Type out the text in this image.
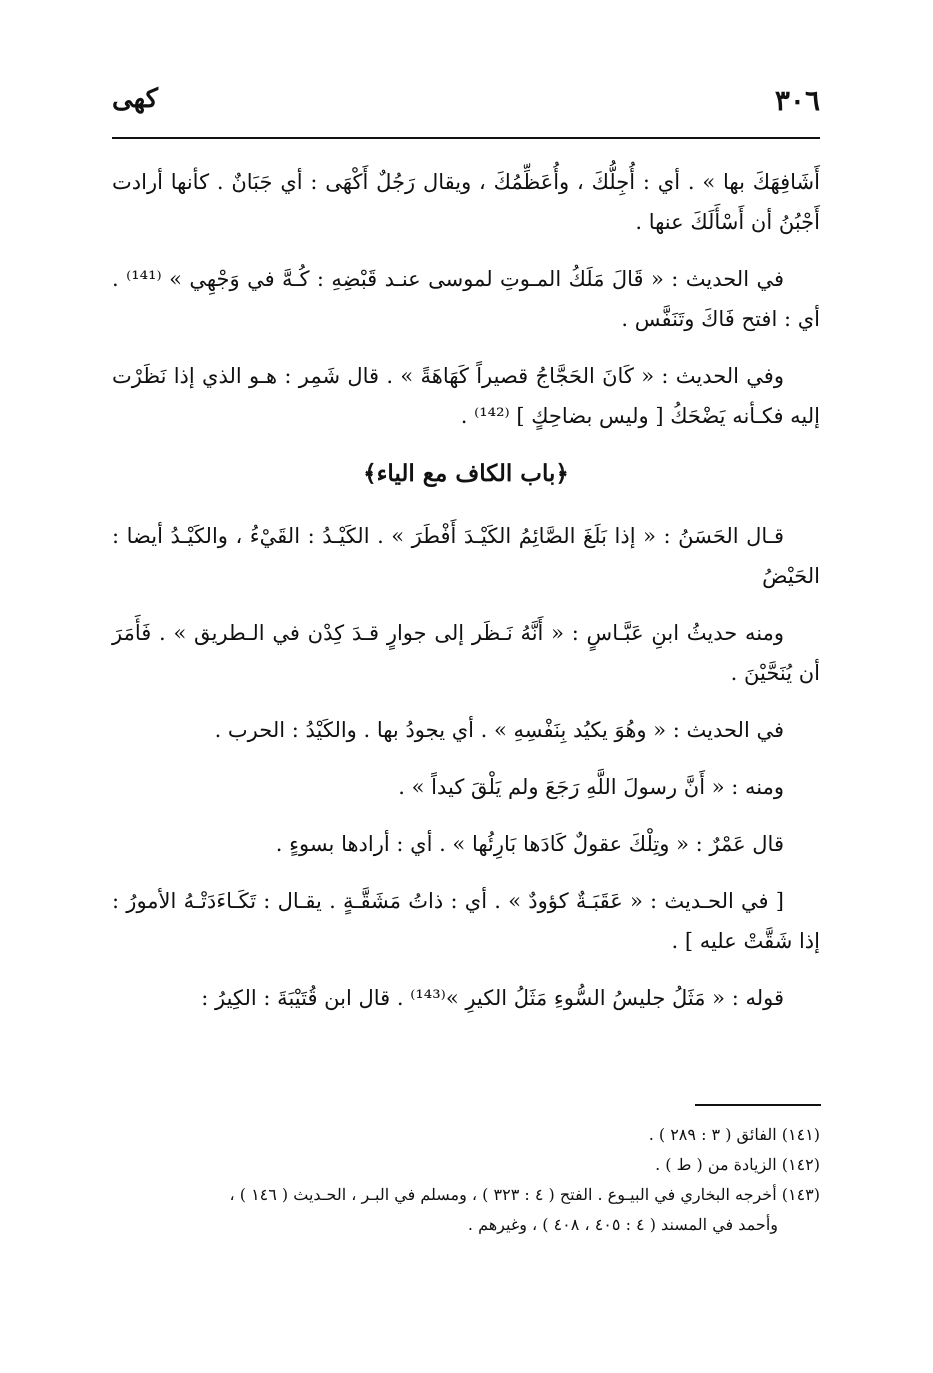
٣٠٦
كهى

أَشَافِهَكَ بها » . أي : أُجِلُّكَ ، وأُعَظِّمُكَ ، ويقال رَجُلٌ أَكْهَى : أي جَبَانٌ . كأنها أرادت أَجْبُنُ أن أَسْأَلَكَ عنها .

في الحديث : « قَالَ مَلَكُ المـوتِ لموسى عنـد قَبْضِهِ : كُـهَّ في وَجْهِي » ⁽¹⁴¹⁾ . أي : افتح فَاكَ وتَنَفَّس .

وفي الحديث : « كَانَ الحَجَّاجُ قصيراً كَهَاهَةً » . قال شَمِر : هـو الذي إذا نَظَرْت إليه فكـأنه يَضْحَكُ [ وليس بضاحِكٍ ] ⁽¹⁴²⁾ .

﴿باب الكاف مع الياء﴾

قـال الحَسَنُ : « إذا بَلَغَ الصَّائِمُ الكَيْـدَ أَفْطَرَ » . الكَيْـدُ : القَيْءُ ، والكَيْـدُ أيضا : الحَيْضُ

ومنه حديثُ ابنِ عَبَّـاسٍ : « أَنَّهُ نَـظَر إلى جوارٍ قـدَ كِدْن في الـطريق » . فَأَمَرَ أن يُنَحَّيْنَ .

في الحديث : « وهُوَ يكيُد بِنَفْسِهِ » . أي يجودُ بها . والكَيْدُ : الحرب .

ومنه : « أَنَّ رسولَ اللَّهِ رَجَعَ ولم يَلْقَ كيداً » .

قال عَمْرٌ : « وتِلْكَ عقولٌ كَادَها بَارِئُها » . أي : أرادها بسوءٍ .

[ في الحـديث : « عَقَبَـةٌ كؤودٌ » . أي : ذاتُ مَشَقَّـةٍ . يقـال : تَكَـاءَدَتْـهُ الأمورُ : إذا شَقَّتْ عليه ] .

قوله : « مَثَلُ جليسُ السُّوءِ مَثَلُ الكيرِ »⁽¹⁴³⁾ . قال ابن قُتَيْبَةَ : الكِيرُ :

(١٤١) الفائق ( ٣ : ٢٨٩ ) .

(١٤٢) الزيادة من ( ط ) .

(١٤٣) أخرجه البخاري في البيـوع . الفتح ( ٤ : ٣٢٣ ) ، ومسلم في البـر ، الحـديث ( ١٤٦ ) ،

وأحمد في المسند ( ٤ : ٤٠٥ ، ٤٠٨ ) ، وغيرهم .
